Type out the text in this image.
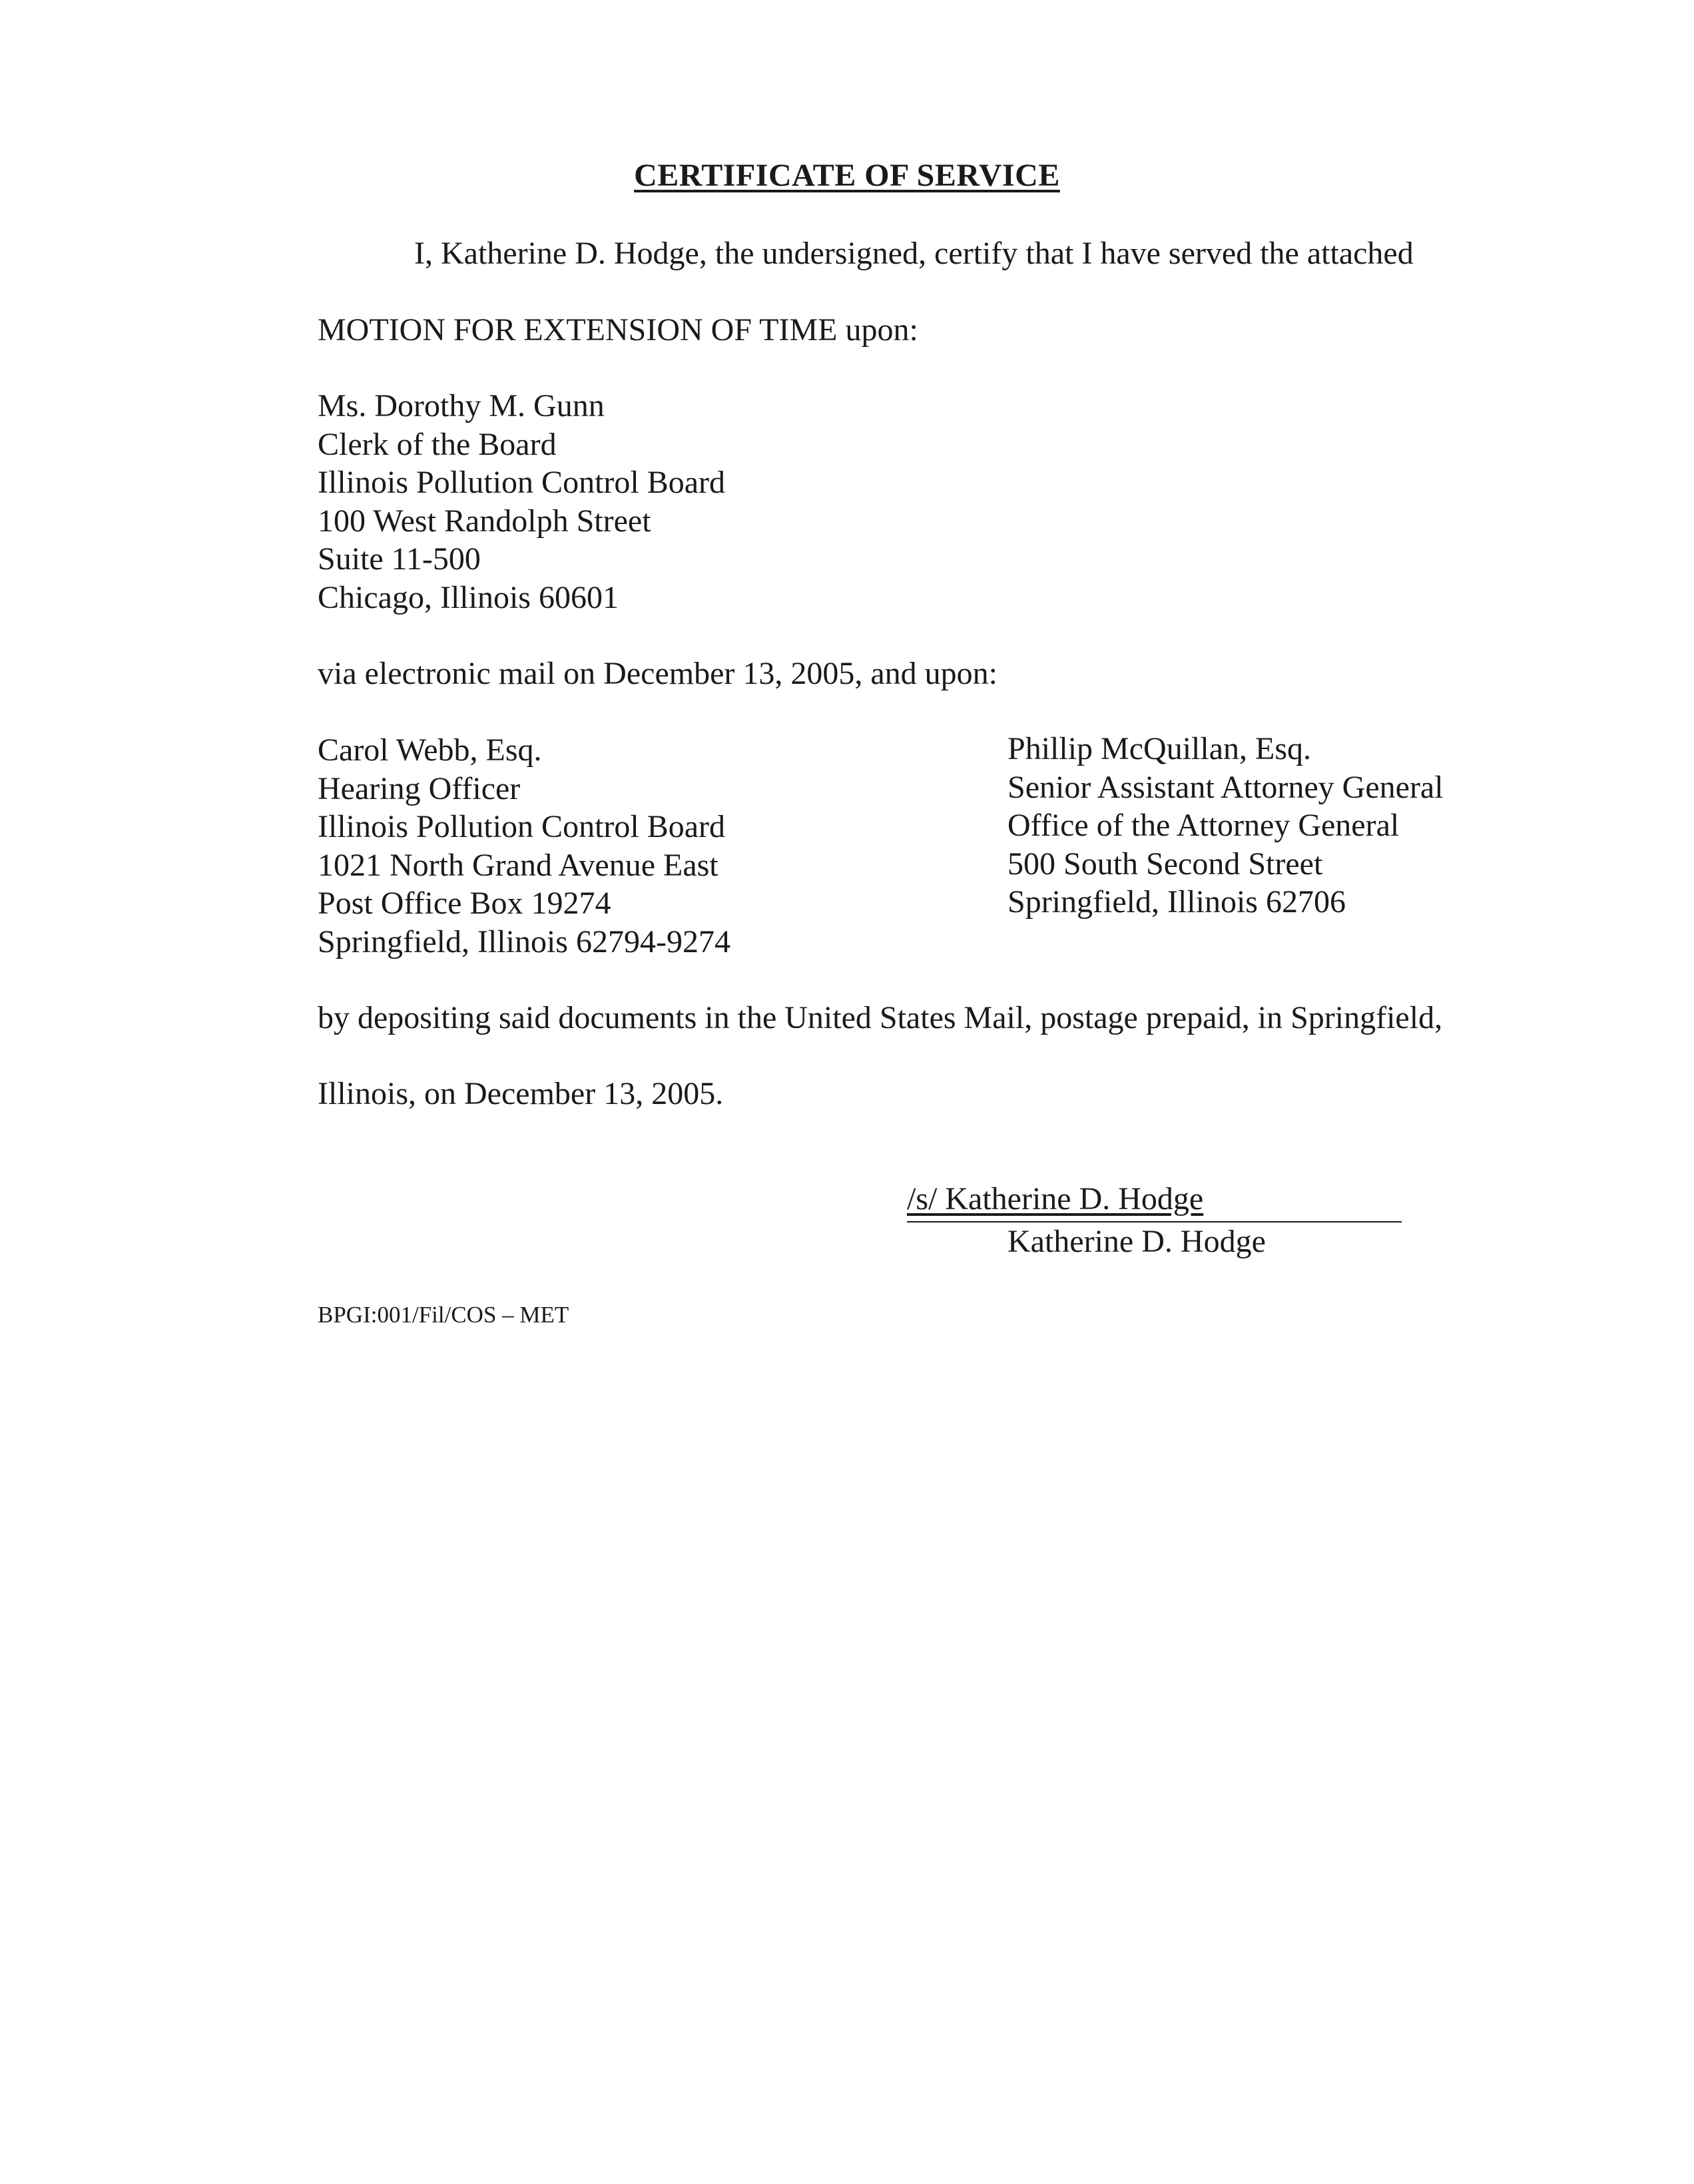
CERTIFICATE OF SERVICE
I, Katherine D. Hodge, the undersigned, certify that I have served the attached
MOTION FOR EXTENSION OF TIME upon:
Ms. Dorothy M. Gunn
Clerk of the Board
Illinois Pollution Control Board
100 West Randolph Street
Suite 11-500
Chicago, Illinois 60601
via electronic mail on December 13, 2005, and upon:
Carol Webb, Esq.
Hearing Officer
Illinois Pollution Control Board
1021 North Grand Avenue East
Post Office Box 19274
Springfield, Illinois 62794-9274
Phillip McQuillan, Esq.
Senior Assistant Attorney General
Office of the Attorney General
500 South Second Street
Springfield, Illinois 62706
by depositing said documents in the United States Mail, postage prepaid, in Springfield,
Illinois, on December 13, 2005.
/s/ Katherine D. Hodge
Katherine D. Hodge
BPGI:001/Fil/COS – MET
